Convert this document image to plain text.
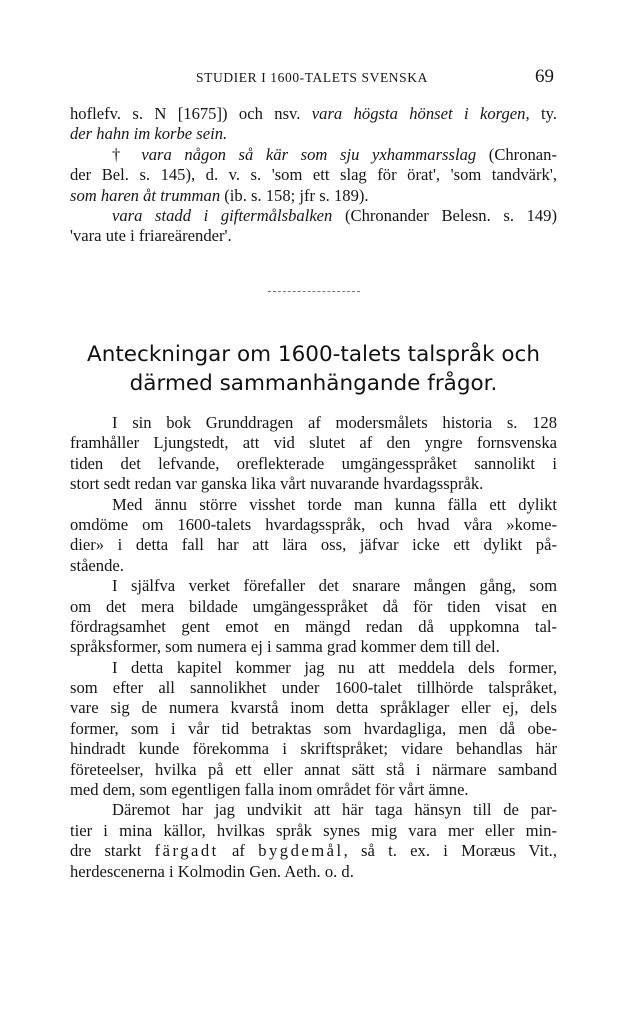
STUDIER I 1600-TALETS SVENSKA	69
hoflefv. s. N [1675]) och nsv. vara högsta hönset i korgen, ty.
der hahn im korbe sein.
† vara någon så kär som sju yxhammarsslag (Chronan-
der Bel. s. 145), d. v. s. 'som ett slag för örat', 'som tandvärk',
som haren åt trumman (ib. s. 158; jfr s. 189).
vara stadd i giftermålsbalken (Chronander Belesn. s. 149)
'vara ute i friareärender'.
Anteckningar om 1600-talets talspråk och
därmed sammanhängande frågor.
I sin bok Grunddragen af modersmålets historia s. 128
framhåller Ljungstedt, att vid slutet af den yngre fornsvenska
tiden det lefvande, oreflekterade umgängesspråket sannolikt i
stort sedt redan var ganska lika vårt nuvarande hvardagsspråk.
Med ännu större visshet torde man kunna fälla ett dylikt
omdöme om 1600-talets hvardagsspråk, och hvad våra »kome-
dier» i detta fall har att lära oss, jäfvar icke ett dylikt på-
stående.
I själfva verket förefaller det snarare mången gång, som
om det mera bildade umgängesspråket då för tiden visat en
fördragsamhet gent emot en mängd redan då uppkomna tal-
språksformer, som numera ej i samma grad kommer dem till del.
I detta kapitel kommer jag nu att meddela dels former,
som efter all sannolikhet under 1600-talet tillhörde talspråket,
vare sig de numera kvarstå inom detta språklager eller ej, dels
former, som i vår tid betraktas som hvardagliga, men då obe-
hindradt kunde förekomma i skriftspråket; vidare behandlas här
företeelser, hvilka på ett eller annat sätt stå i närmare samband
med dem, som egentligen falla inom området för vårt ämne.
Däremot har jag undvikit att här taga hänsyn till de par-
tier i mina källor, hvilkas språk synes mig vara mer eller min-
dre starkt färgadt af bygdemål, så t. ex. i Moræus Vit.,
herdescenerna i Kolmodin Gen. Aeth. o. d.
